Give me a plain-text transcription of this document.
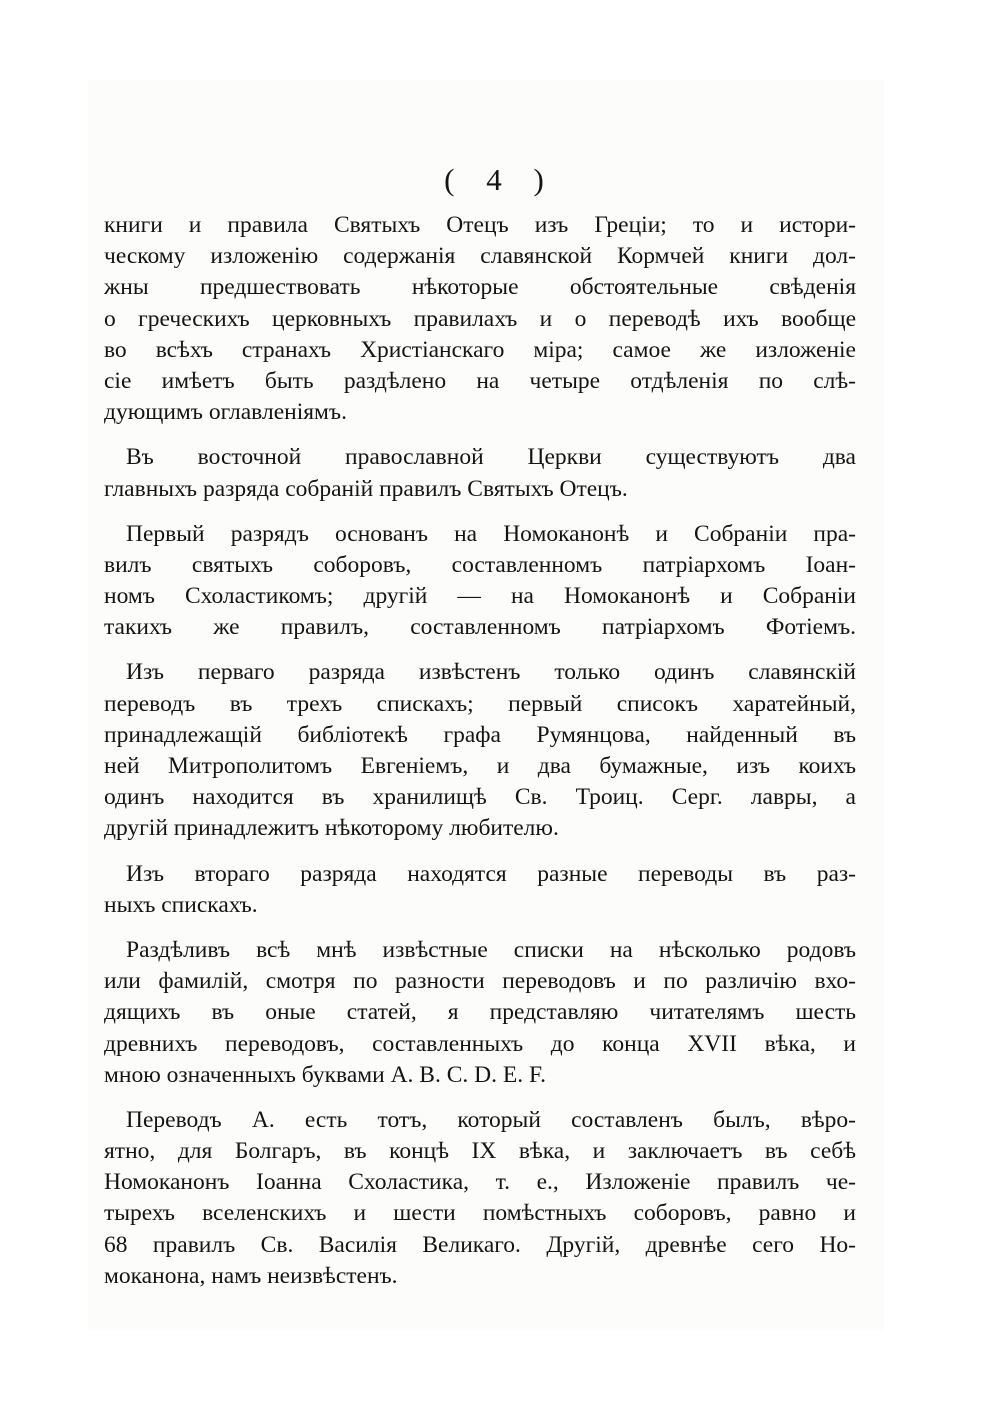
( 4 )
книги и правила Святыхъ Отецъ изъ Греціи; то и истори-
ческому изложенію содержанія славянской Кормчей книги дол-
жны предшествовать нѣкоторые обстоятельные свѣденія
о греческихъ церковныхъ правилахъ и о переводѣ ихъ вообще
во всѣхъ странахъ Христіанскаго міра; самое же изложеніе
сіе имѣетъ быть раздѣлено на четыре отдѣленія по слѣ-
дующимъ оглавленіямъ.
Въ восточной православной Церкви существуютъ два
главныхъ разряда собраній правилъ Святыхъ Отецъ.
Первый разрядъ основанъ на Номоканонѣ и Собраніи пра-
вилъ святыхъ соборовъ, составленномъ патріархомъ Іоан-
номъ Схоластикомъ; другій — на Номоканонѣ и Собраніи
такихъ же правилъ, составленномъ патріархомъ Фотіемъ.
Изъ перваго разряда извѣстенъ только одинъ славянскій
переводъ въ трехъ спискахъ; первый списокъ харатейный,
принадлежащій библіотекѣ графа Румянцова, найденный въ
ней Митрополитомъ Евгеніемъ, и два бумажные, изъ коихъ
одинъ находится въ хранилищѣ Св. Троиц. Серг. лавры, а
другій принадлежитъ нѣкоторому любителю.
Изъ втораго разряда находятся разные переводы въ раз-
ныхъ спискахъ.
Раздѣливъ всѣ мнѣ извѣстные списки на нѣсколько родовъ
или фамилій, смотря по разности переводовъ и по различію вхо-
дящихъ въ оные статей, я представляю читателямъ шесть
древнихъ переводовъ, составленныхъ до конца XVII вѣка, и
мною означенныхъ буквами A. B. C. D. E. F.
Переводъ A. есть тотъ, который составленъ былъ, вѣро-
ятно, для Болгаръ, въ концѣ IX вѣка, и заключаетъ въ себѣ
Номоканонъ Іоанна Схоластика, т. е., Изложеніе правилъ че-
тырехъ вселенскихъ и шести помѣстныхъ соборовъ, равно и
68 правилъ Св. Василія Великаго. Другій, древнѣе сего Но-
моканона, намъ неизвѣстенъ.
